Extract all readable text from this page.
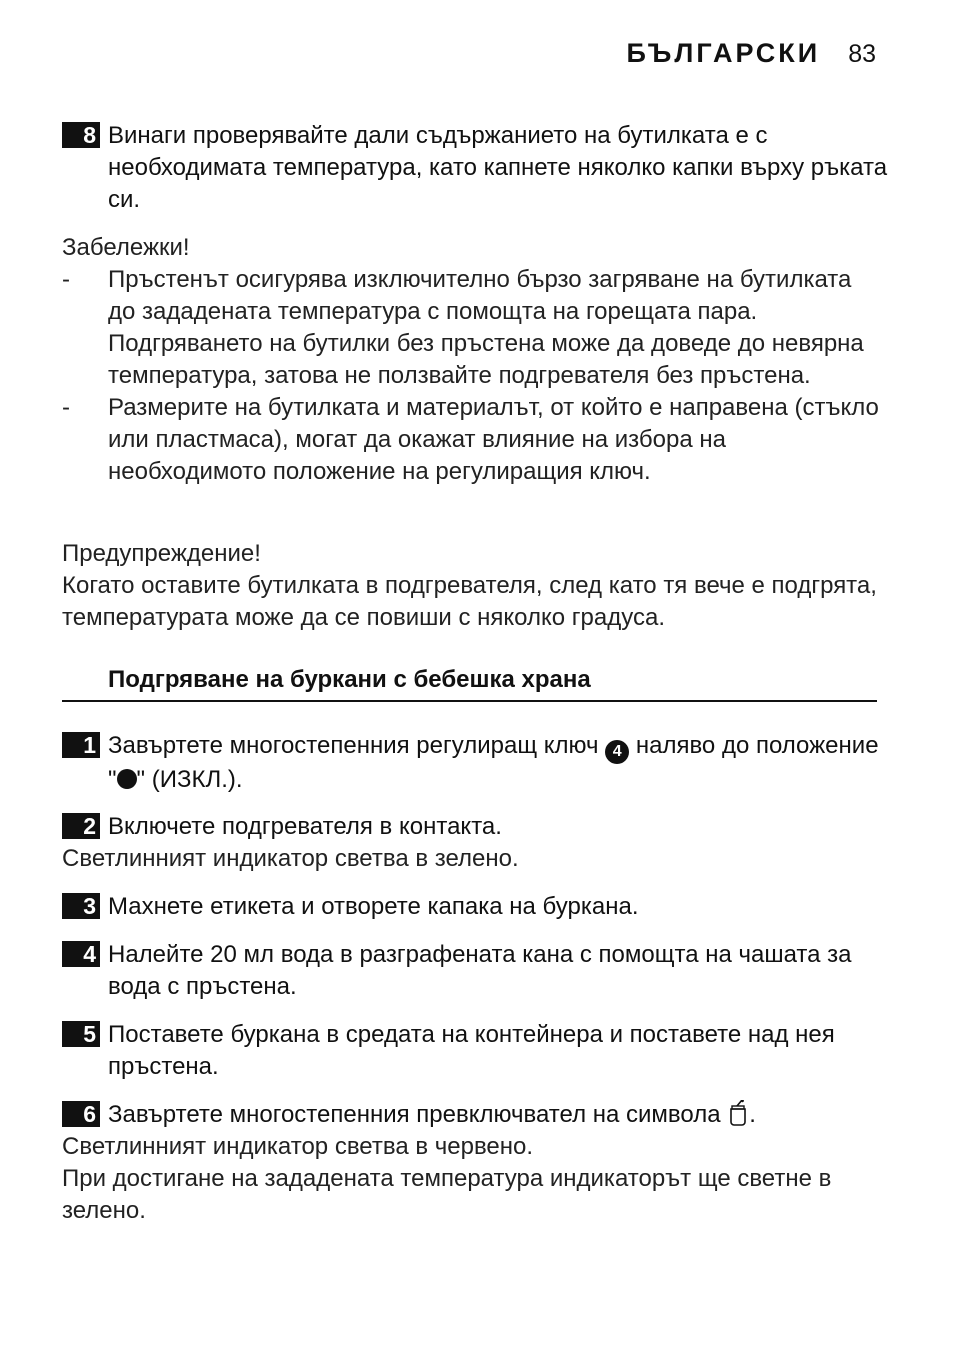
БЪЛГАРСКИ 83
8 Винаги проверявайте дали съдържанието на бутилката е с необходимата температура, като капнете няколко капки върху ръката си.
Забележки!
- Пръстенът осигурява изключително бързо загряване на бутилката до зададената температура с помощта на горещата пара. Подгряването на бутилки без пръстена може да доведе до невярна температура, затова не ползвайте подгревателя без пръстена.
- Размерите на бутилката и материалът, от който е направена (стъкло или пластмаса), могат да окажат влияние на избора на необходимото положение на регулиращия ключ.
Предупреждение!
Когато оставите бутилката в подгревателя, след като тя вече е подгрята, температурата може да се повиши с няколко градуса.
Подгряване на буркани с бебешка храна
1 Завъртете многостепенния регулиращ ключ 4 наляво до положение " " (ИЗКЛ.).
2 Включете подгревателя в контакта.
Светлинният индикатор светва в зелено.
3 Махнете етикета и отворете капака на буркана.
4 Налейте 20 мл вода в разграфената кана с помощта на чашата за вода с пръстена.
5 Поставете буркана в средата на контейнера и поставете над нея пръстена.
6 Завъртете многостепенния превключвател на символа .
Светлинният индикатор светва в червено.
При достигане на зададената температура индикаторът ще светне в зелено.
